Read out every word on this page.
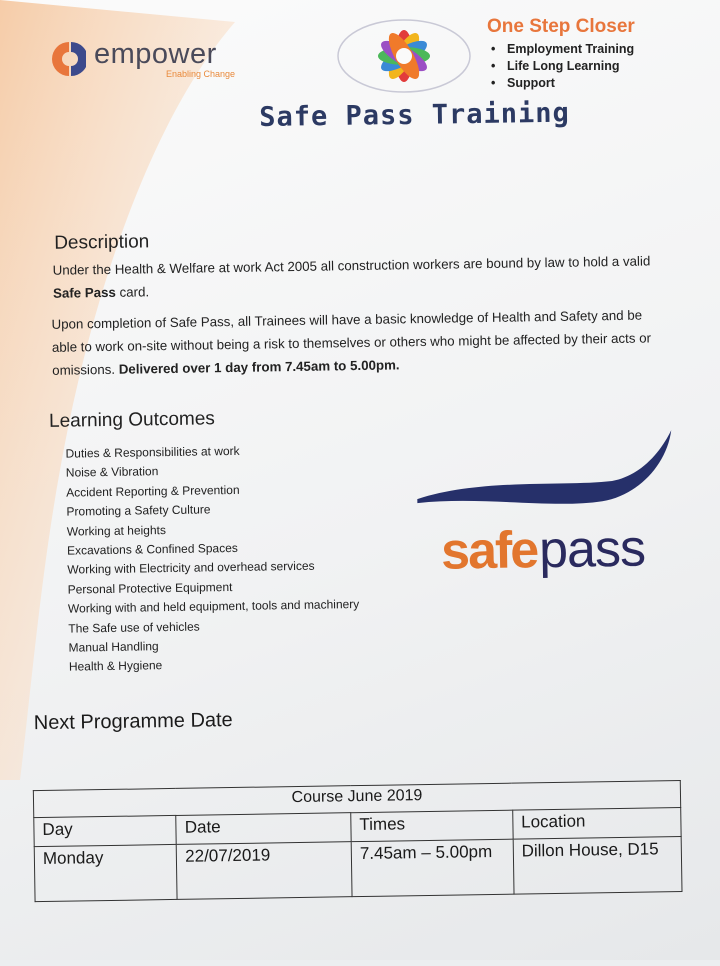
empower
Enabling Change
One Step Closer
• Employment Training
• Life Long Learning
• Support
Safe Pass Training
Description
Under the Health & Welfare at work Act 2005 all construction workers are bound by law to hold a valid Safe Pass card.
Upon completion of Safe Pass, all Trainees will have a basic knowledge of Health and Safety and be able to work on-site without being a risk to themselves or others who might be affected by their acts or omissions. Delivered over 1 day from 7.45am to 5.00pm.
Learning Outcomes
Duties & Responsibilities at work
Noise & Vibration
Accident Reporting & Prevention
Promoting a Safety Culture
Working at heights
Excavations & Confined Spaces
Working with Electricity and overhead services
Personal Protective Equipment
Working with and held equipment, tools and machinery
The Safe use of vehicles
Manual Handling
Health & Hygiene
safe pass
Next Programme Date
Course June 2019			
Day	Date	Times	Location
Monday	22/07/2019	7.45am – 5.00pm	Dillon House, D15
